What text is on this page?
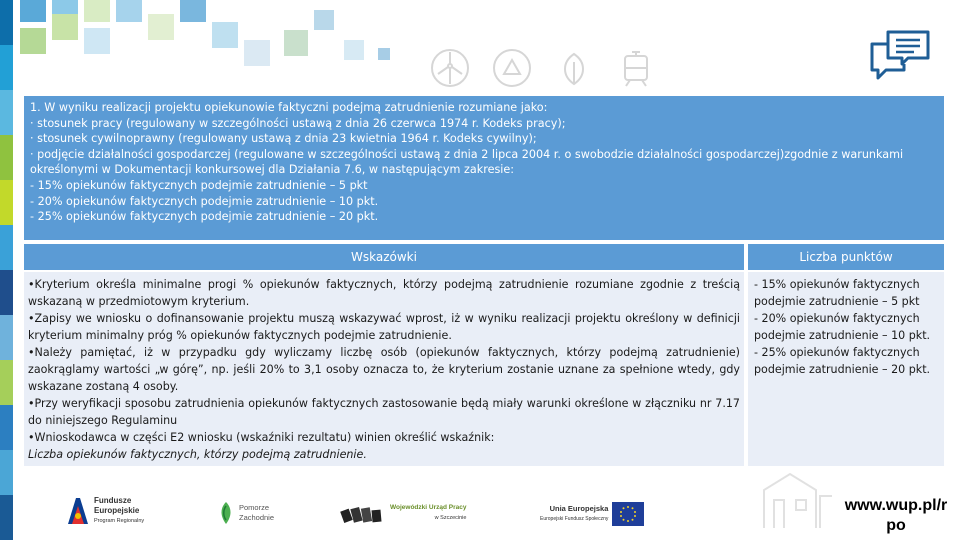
1. W wyniku realizacji projektu opiekunowie faktyczni podejmą zatrudnienie rozumiane jako:

· stosunek pracy (regulowany w szczególności ustawą z dnia 26 czerwca 1974 r. Kodeks pracy);

· stosunek cywilnoprawny (regulowany ustawą z dnia 23 kwietnia 1964 r. Kodeks cywilny);

· podjęcie działalności gospodarczej (regulowane w szczególności ustawą z dnia 2 lipca 2004 r. o swobodzie działalności gospodarczej)zgodnie z warunkami

określonymi w Dokumentacji konkursowej dla Działania 7.6, w następującym zakresie:

- 15% opiekunów faktycznych podejmie zatrudnienie – 5 pkt

- 20% opiekunów faktycznych podejmie zatrudnienie – 10 pkt.

- 25% opiekunów faktycznych podejmie zatrudnienie – 20 pkt.

Wskazówki	Liczba punktów

•Kryterium określa minimalne progi % opiekunów faktycznych, którzy podejmą zatrudnienie rozumiane zgodnie z treścią wskazaną w przedmiotowym kryterium.

•Zapisy we wniosku o dofinansowanie projektu muszą wskazywać wprost, iż w wyniku realizacji projektu określony w definicji kryterium minimalny próg % opiekunów faktycznych podejmie zatrudnienie.

•Należy pamiętać, iż w przypadku gdy wyliczamy liczbę osób (opiekunów faktycznych, którzy podejmą zatrudnienie) zaokrąglamy wartości „w górę”, np. jeśli 20% to 3,1 osoby oznacza to, że kryterium zostanie uznane za spełnione wtedy, gdy wskazane zostaną 4 osoby.

•Przy weryfikacji sposobu zatrudnienia opiekunów faktycznych zastosowanie będą miały warunki określone w złączniku nr 7.17 do niniejszego Regulaminu

•Wnioskodawca w części E2 wniosku (wskaźniki rezultatu) winien określić wskaźnik:

Liczba opiekunów faktycznych, którzy podejmą zatrudnienie.

- 15% opiekunów faktycznych podejmie zatrudnienie – 5 pkt

- 20% opiekunów faktycznych podejmie zatrudnienie – 10 pkt.

- 25% opiekunów faktycznych podejmie zatrudnienie – 20 pkt.

Fundusze
Europejskie
Program Regionalny
Pomorze
Zachodnie
Wojewódzki Urząd Pracy
w Szczecinie
Unia Europejska
Europejski Fundusz Społeczny
www.wup.pl/r
po
